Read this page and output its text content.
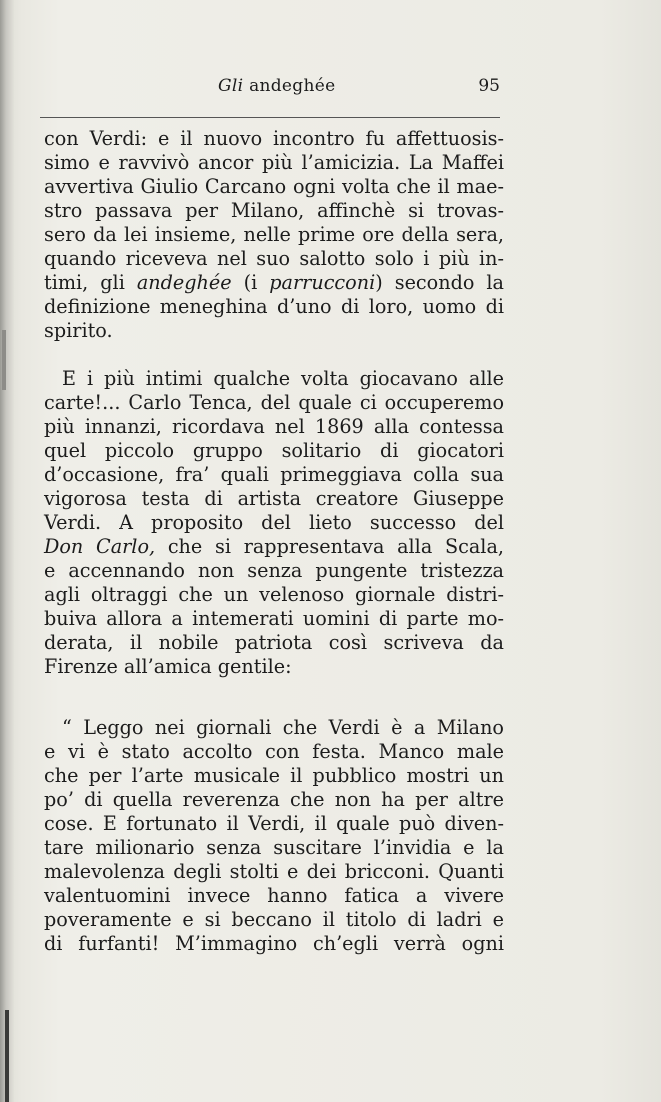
Gli andeghée	95
con Verdi: e il nuovo incontro fu affettuosis-
simo e ravvivò ancor più l’amicizia. La Maffei
avvertiva Giulio Carcano ogni volta che il mae-
stro passava per Milano, affinchè si trovas-
sero da lei insieme, nelle prime ore della sera,
quando riceveva nel suo salotto solo i più in-
timi, gli andeghée (i parrucconi) secondo la
definizione meneghina d’uno di loro, uomo di
spirito.
E i più intimi qualche volta giocavano alle
carte!... Carlo Tenca, del quale ci occuperemo
più innanzi, ricordava nel 1869 alla contessa
quel piccolo gruppo solitario di giocatori
d’occasione, fra’ quali primeggiava colla sua
vigorosa testa di artista creatore Giuseppe
Verdi. A proposito del lieto successo del
Don Carlo, che si rappresentava alla Scala,
e accennando non senza pungente tristezza
agli oltraggi che un velenoso giornale distri-
buiva allora a intemerati uomini di parte mo-
derata, il nobile patriota così scriveva da
Firenze all’amica gentile:
“ Leggo nei giornali che Verdi è a Milano
e vi è stato accolto con festa. Manco male
che per l’arte musicale il pubblico mostri un
po’ di quella reverenza che non ha per altre
cose. E fortunato il Verdi, il quale può diven-
tare milionario senza suscitare l’invidia e la
malevolenza degli stolti e dei bricconi. Quanti
valentuomini invece hanno fatica a vivere
poveramente e si beccano il titolo di ladri e
di furfanti! M’immagino ch’egli verrà ogni
